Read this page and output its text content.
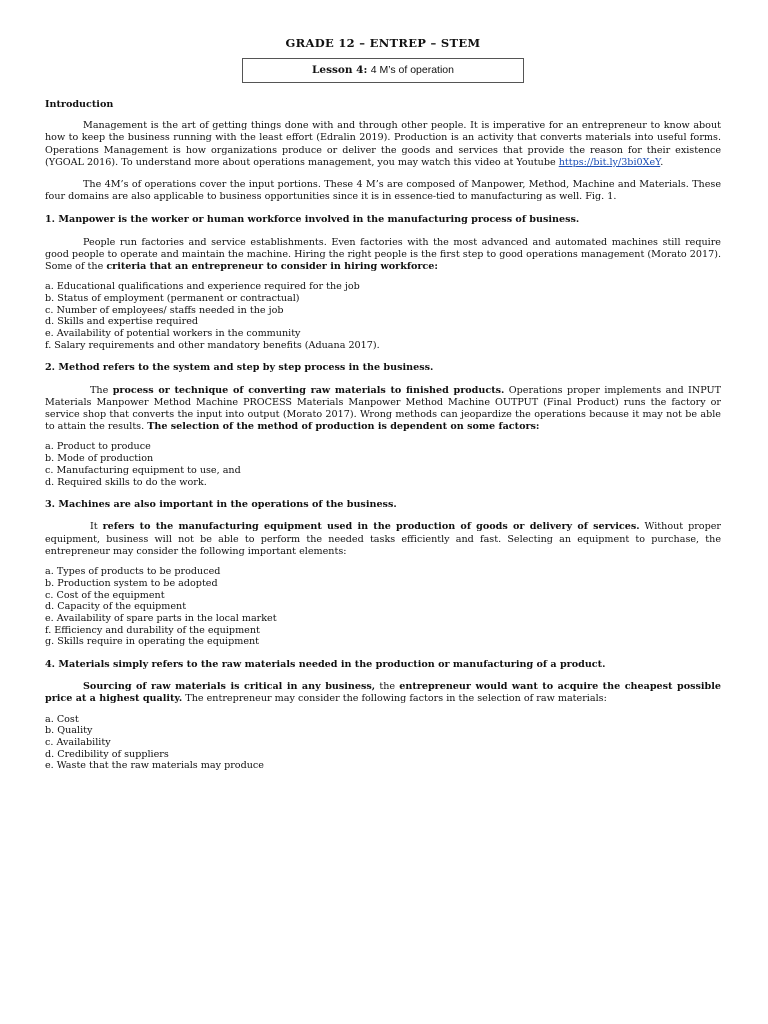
GRADE 12 – ENTREP – STEM
Lesson 4: 4 M’s of operation
Introduction

Management is the art of getting things done with and through other people. It is imperative for an entrepreneur to know about how to keep the business running with the least effort (Edralin 2019). Production is an activity that converts materials into useful forms. Operations Management is how organizations produce or deliver the goods and services that provide the reason for their existence (YGOAL 2016). To understand more about operations management, you may watch this video at Youtube https://bit.ly/3bi0XeY.

The 4M’s of operations cover the input portions. These 4 M’s are composed of Manpower, Method, Machine and Materials. These four domains are also applicable to business opportunities since it is in essence-tied to manufacturing as well. Fig. 1.

1. Manpower is the worker or human workforce involved in the manufacturing process of business.

People run factories and service establishments. Even factories with the most advanced and automated machines still require good people to operate and maintain the machine. Hiring the right people is the first step to good operations management (Morato 2017). Some of the criteria that an entrepreneur to consider in hiring workforce:

a. Educational qualifications and experience required for the job
b. Status of employment (permanent or contractual)
c. Number of employees/ staffs needed in the job
d. Skills and expertise required
e. Availability of potential workers in the community
f. Salary requirements and other mandatory benefits (Aduana 2017).

2. Method refers to the system and step by step process in the business.

The process or technique of converting raw materials to finished products. Operations proper implements and INPUT Materials Manpower Method Machine PROCESS Materials Manpower Method Machine OUTPUT (Final Product) runs the factory or service shop that converts the input into output (Morato 2017). Wrong methods can jeopardize the operations because it may not be able to attain the results. The selection of the method of production is dependent on some factors:

a. Product to produce
b. Mode of production
c. Manufacturing equipment to use, and
d. Required skills to do the work.

3. Machines are also important in the operations of the business.

It refers to the manufacturing equipment used in the production of goods or delivery of services. Without proper equipment, business will not be able to perform the needed tasks efficiently and fast. Selecting an equipment to purchase, the entrepreneur may consider the following important elements:

a. Types of products to be produced
b. Production system to be adopted
c. Cost of the equipment
d. Capacity of the equipment
e. Availability of spare parts in the local market
f. Efficiency and durability of the equipment
g. Skills require in operating the equipment

4. Materials simply refers to the raw materials needed in the production or manufacturing of a product.

Sourcing of raw materials is critical in any business, the entrepreneur would want to acquire the cheapest possible price at a highest quality. The entrepreneur may consider the following factors in the selection of raw materials:

a. Cost
b. Quality
c. Availability
d. Credibility of suppliers
e. Waste that the raw materials may produce
